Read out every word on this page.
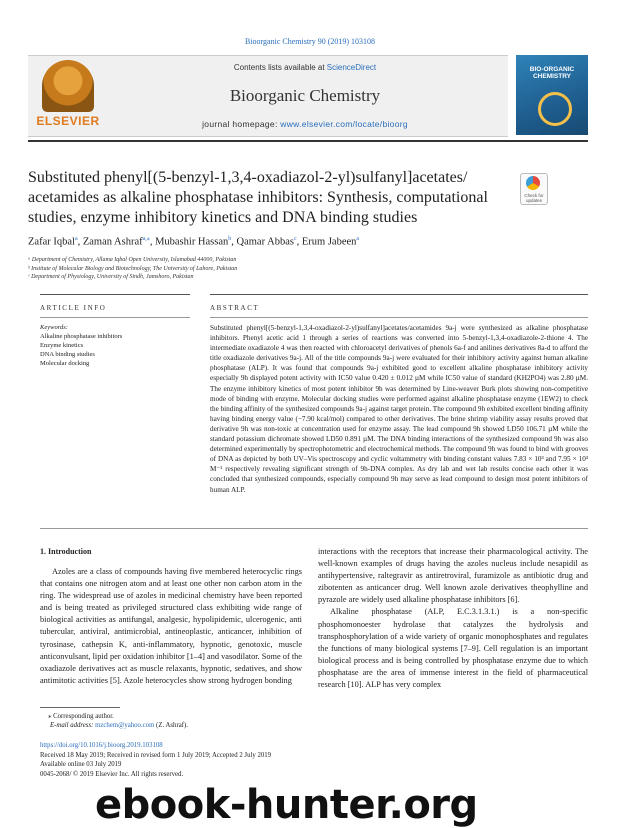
Bioorganic Chemistry 90 (2019) 103108
ELSEVIER
Contents lists available at ScienceDirect
Bioorganic Chemistry
journal homepage: www.elsevier.com/locate/bioorg
BIO-ORGANIC CHEMISTRY
Substituted phenyl[(5-benzyl-1,3,4-oxadiazol-2-yl)sulfanyl]acetates/ acetamides as alkaline phosphatase inhibitors: Synthesis, computational studies, enzyme inhibitory kinetics and DNA binding studies
Check for updates
Zafar Iqbal$^a$, Zaman Ashraf$^{a,⁎}$, Mubashir Hassan$^b$, Qamar Abbas$^c$, Erum Jabeen$^a$
ᵃ Department of Chemistry, Allama Iqbal Open University, Islamabad 44000, Pakistan
ᵇ Institute of Molecular Biology and Biotechnology, The University of Lahore, Pakistan
ᶜ Department of Physiology, University of Sindh, Jamshoro, Pakistan
ARTICLE INFO	ABSTRACT
Keywords:
Alkaline phosphatase inhibitors
Enzyme kinetics
DNA binding studies
Molecular docking
Substituted phenyl[(5-benzyl-1,3,4-oxadiazol-2-yl)sulfanyl]acetates/acetamides 9a-j were synthesized as alkaline phosphatase inhibitors. Phenyl acetic acid 1 through a series of reactions was converted into 5-benzyl-1,3,4-oxadiazole-2-thione 4. The intermediate oxadiazole 4 was then reacted with chloroacetyl derivatives of phenols 6a-f and anilines derivatives 8a-d to afford the title oxadiazole derivatives 9a-j. All of the title compounds 9a-j were evaluated for their inhibitory activity against human alkaline phosphatase (ALP). It was found that compounds 9a-j exhibited good to excellent alkaline phosphatase inhibitory activity especially 9h displayed potent activity with IC50 value 0.420 ± 0.012 µM while IC50 value of standard (KH2PO4) was 2.80 µM. The enzyme inhibitory kinetics of most potent inhibitor 9h was determined by Line-weaver Burk plots showing non-competitive mode of binding with enzyme. Molecular docking studies were performed against alkaline phosphatase enzyme (1EW2) to check the binding affinity of the synthesized compounds 9a-j against target protein. The compound 9h exhibited excellent binding affinity having binding energy value (−7.90 kcal/mol) compared to other derivatives. The brine shrimp viability assay results proved that derivative 9h was non-toxic at concentration used for enzyme assay. The lead compound 9h showed LD50 106.71 µM while the standard potassium dichromate showed LD50 0.891 µM. The DNA binding interactions of the synthesized compound 9h was also determined experimentally by spectrophotometric and electrochemical methods. The compound 9h was found to bind with grooves of DNA as depicted by both UV–Vis spectroscopy and cyclic voltammetry with binding constant values 7.83 × 10³ and 7.95 × 10³ M⁻¹ respectively revealing significant strength of 9h-DNA complex. As dry lab and wet lab results concise each other it was concluded that synthesized compounds, especially compound 9h may serve as lead compound to design most potent inhibitors of human ALP.
1. Introduction

Azoles are a class of compounds having five membered heterocyclic rings that contains one nitrogen atom and at least one other non carbon atom in the ring. The widespread use of azoles in medicinal chemistry have been reported and is being treated as privileged structured class exhibiting wide range of biological activities as antifungal, analgesic, hypolipidemic, ulcerogenic, anti tubercular, antiviral, antimicrobial, antineoplastic, anticancer, inhibition of tyrosinase, cathepsin K, anti-inflammatory, hypnotic, genotoxic, muscle anticonvulsant, lipid per oxidation inhibitor [1–4] and vasodilator. Some of the oxadiazole derivatives act as muscle relaxants, hypnotic, sedatives, and show antimitotic activities [5]. Azole heterocycles show strong hydrogen bonding

interactions with the receptors that increase their pharmacological activity. The well-known examples of drugs having the azoles nucleus include nesapidil as antihypertensive, raltegravir as antiretroviral, furamizole as antibiotic drug and zibotenten as anticancer drug. Well known azole derivatives theophylline and pyrazole are widely used alkaline phosphatase inhibitors [6].

Alkaline phosphatase (ALP, E.C.3.1.3.1.) is a non-specific phosphomonoester hydrolase that catalyzes the hydrolysis and transphosphorylation of a wide variety of organic monophosphates and regulates the functions of many biological systems [7–9]. Cell regulation is an important biological process and is being controlled by phosphatase enzyme due to which phosphatase are the area of immense interest in the field of pharmaceutical research [10]. ALP has very complex

⁎ Corresponding author.
E-mail address: mzchem@yahoo.com (Z. Ashraf).
https://doi.org/10.1016/j.bioorg.2019.103108
Received 18 May 2019; Received in revised form 1 July 2019; Accepted 2 July 2019
Available online 03 July 2019
0045-2068/ © 2019 Elsevier Inc. All rights reserved.
ebook-hunter.org
